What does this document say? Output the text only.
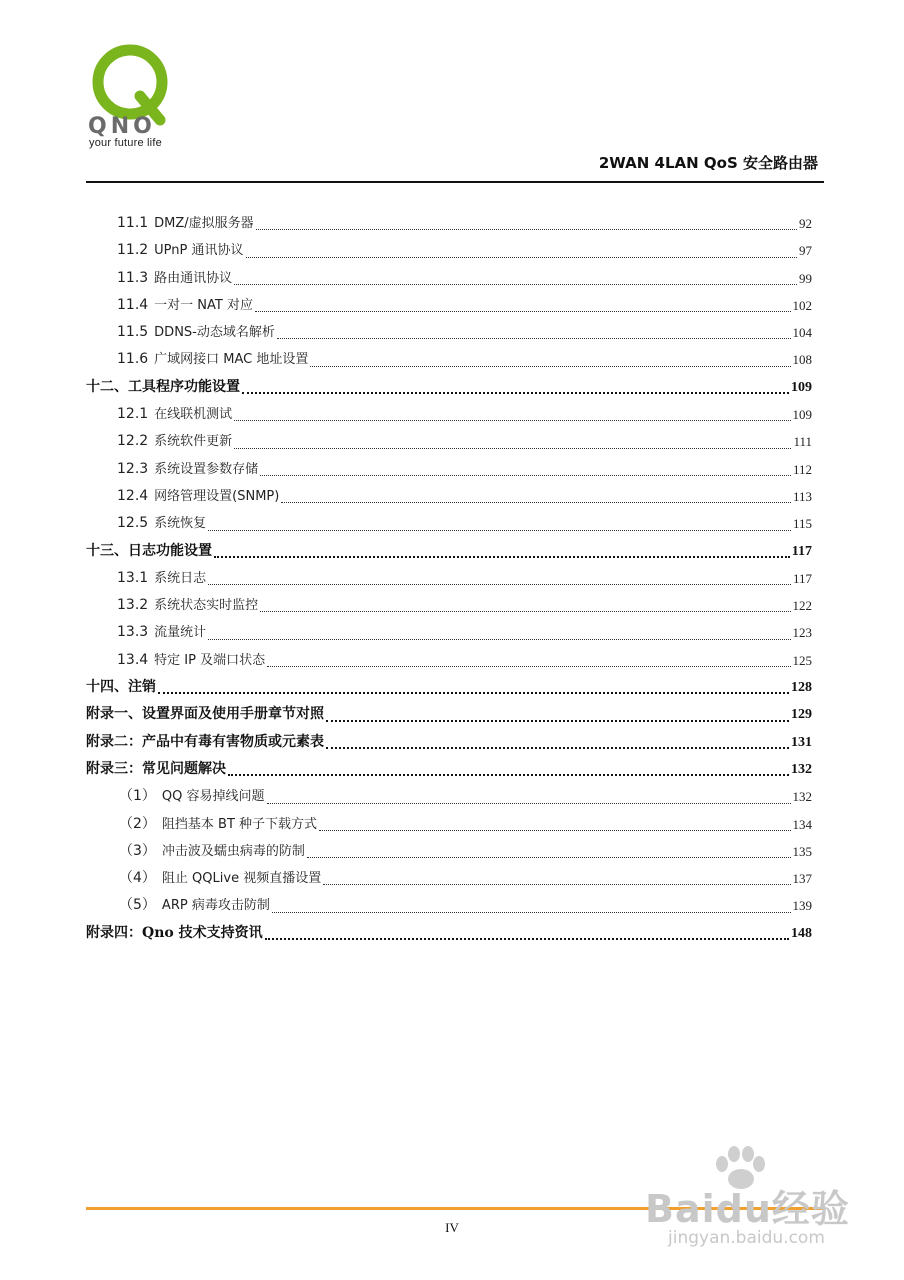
QNO
your future life
2WAN 4LAN QoS 安全路由器
11.1 DMZ/虚拟服务器	92
11.2 UPnP 通讯协议	97
11.3 路由通讯协议	99
11.4 一对一 NAT 对应	102
11.5 DDNS-动态域名解析	104
11.6 广域网接口 MAC 地址设置	108
十二、工具程序功能设置	109
12.1 在线联机测试	109
12.2 系统软件更新	111
12.3 系统设置参数存储	112
12.4 网络管理设置(SNMP)	113
12.5 系统恢复	115
十三、日志功能设置	117
13.1 系统日志	117
13.2 系统状态实时监控	122
13.3 流量统计	123
13.4 特定 IP 及端口状态	125
十四、注销	128
附录一、设置界面及使用手册章节对照	129
附录二：产品中有毒有害物质或元素表	131
附录三：常见问题解决	132
（1） QQ 容易掉线问题	132
（2） 阻挡基本 BT 种子下载方式	134
（3） 冲击波及蠕虫病毒的防制	135
（4） 阻止 QQLive 视频直播设置	137
（5） ARP 病毒攻击防制	139
附录四：Qno 技术支持资讯	148
IV	Baidu经验
jingyan.baidu.com
